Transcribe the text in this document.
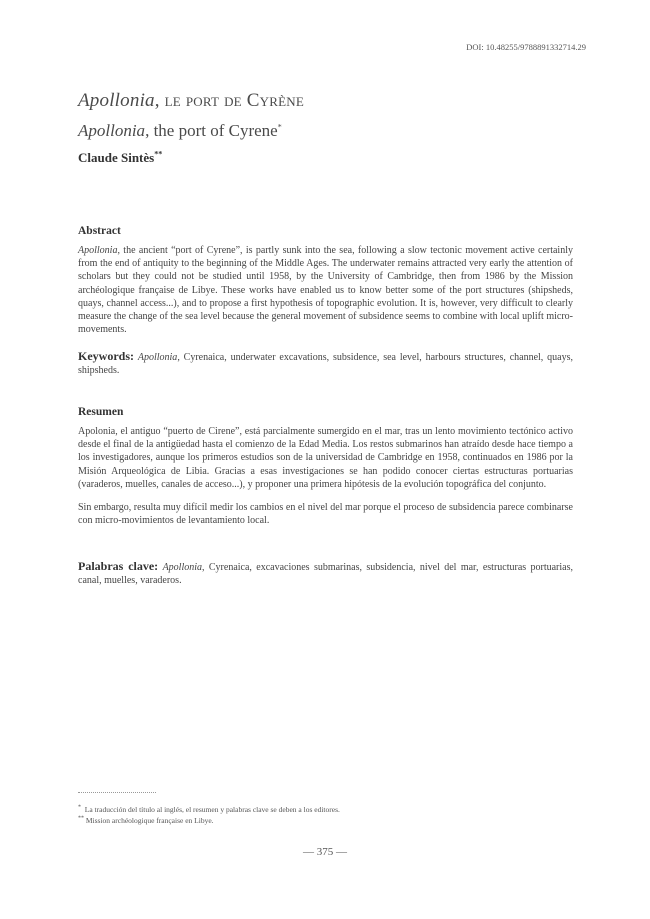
DOI: 10.48255/9788891332714.29
Apollonia, le port de Cyrène
Apollonia, the port of Cyrene*
Claude Sintès**
Abstract

Apollonia, the ancient “port of Cyrene”, is partly sunk into the sea, following a slow tectonic movement active certainly from the end of antiquity to the beginning of the Middle Ages. The underwater remains attracted very early the attention of scholars but they could not be studied until 1958, by the University of Cambridge, then from 1986 by the Mission archéologique française de Libye. These works have enabled us to know better some of the port structures (shipsheds, quays, channel access...), and to propose a first hypothesis of topographic evolution. It is, however, very difficult to clearly measure the change of the sea level because the general movement of subsidence seems to combine with local uplift micro-movements.

Keywords: Apollonia, Cyrenaica, underwater excavations, subsidence, sea level, harbours structures, channel, quays, shipsheds.

Resumen

Apolonia, el antiguo “puerto de Cirene”, está parcialmente sumergido en el mar, tras un lento movimiento tectónico activo desde el final de la antigüedad hasta el comienzo de la Edad Media. Los restos submarinos han atraído desde hace tiempo a los investigadores, aunque los primeros estudios son de la universidad de Cambridge en 1958, continuados en 1986 por la Misión Arqueológica de Libia. Gracias a esas investigaciones se han podido conocer ciertas estructuras portuarias (varaderos, muelles, canales de acceso...), y proponer una primera hipótesis de la evolución topográfica del conjunto.

Sin embargo, resulta muy difícil medir los cambios en el nivel del mar porque el proceso de subsidencia parece combinarse con micro-movimientos de levantamiento local.

Palabras clave: Apollonia, Cyrenaica, excavaciones submarinas, subsidencia, nivel del mar, estructuras portuarias, canal, muelles, varaderos.

* La traducción del título al inglés, el resumen y palabras clave se deben a los editores.
** Mission archéologique française en Libye.
— 375 —
